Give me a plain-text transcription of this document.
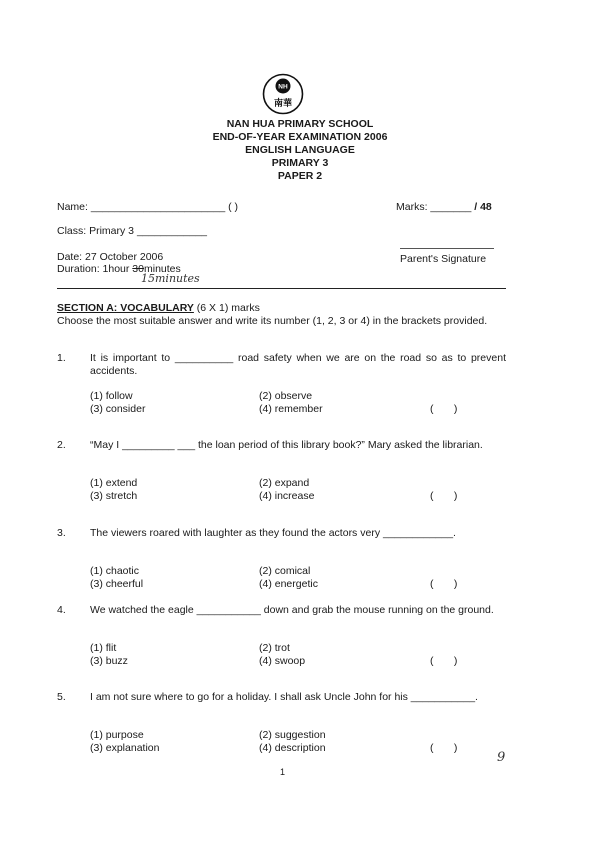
NH
南華
NAN HUA PRIMARY SCHOOL
END-OF-YEAR EXAMINATION 2006
ENGLISH LANGUAGE
PRIMARY 3
PAPER 2
Name: _______________________ ( )	Marks: _______ / 48
Class: Primary 3 ____________
Date: 27 October 2006	Parent's Signature
Duration: 1hour 30minutes
15minutes
SECTION A: VOCABULARY (6 X 1) marks
Choose the most suitable answer and write its number (1, 2, 3 or 4) in the brackets provided.
1. It is important to __________ road safety when we are on the road so as to prevent accidents.
(1) follow	(2) observe
(3) consider	(4) remember	(       )
2. “May I _________ ___ the loan period of this library book?” Mary asked the librarian.
(1) extend	(2) expand
(3) stretch	(4) increase	(       )
3. The viewers roared with laughter as they found the actors very ____________.
(1) chaotic	(2) comical
(3) cheerful	(4) energetic	(       )
4. We watched the eagle ___________ down and grab the mouse running on the ground.
(1) flit	(2) trot
(3) buzz	(4) swoop	(       )
5. I am not sure where to go for a holiday. I shall ask Uncle John for his ___________.
(1) purpose	(2) suggestion
(3) explanation	(4) description	(       )
1
9
